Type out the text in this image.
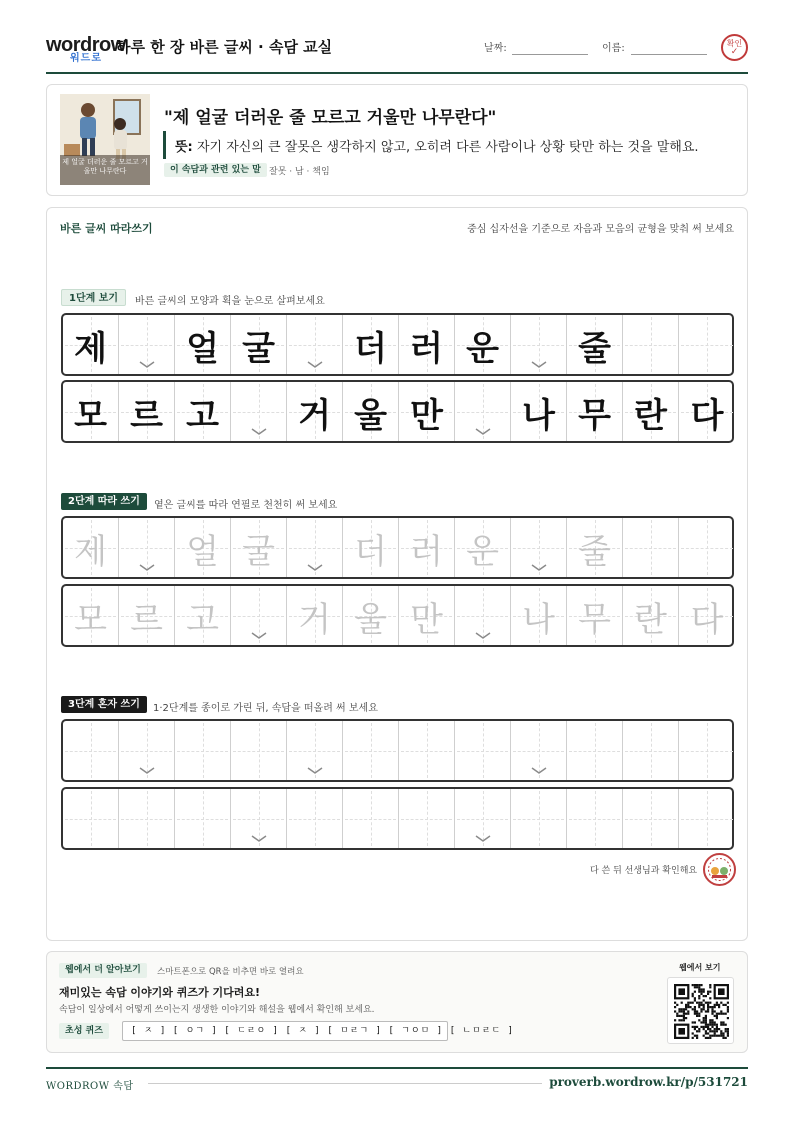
wordrow
워드로
하루 한 장 바른 글씨 · 속담 교실	날짜:	이름:	확인
✓
제 얼굴 더러운 줄 모르고 거울만 나무란다
"제 얼굴 더러운 줄 모르고 거울만 나무란다"
뜻: 자기 자신의 큰 잘못은 생각하지 않고, 오히려 다른 사람이나 상황 탓만 하는 것을 말해요.
이 속담과 관련 있는 말 잘못 · 남 · 책임
바른 글씨 따라쓰기	중심 십자선을 기준으로 자음과 모음의 균형을 맞춰 써 보세요
1단계 보기	바른 글씨의 모양과 획을 눈으로 살펴보세요
제	얼 굴	더 러 운	줄
모 르 고	거 울 만	나 무 란 다
2단계 따라 쓰기	옅은 글씨를 따라 연필로 천천히 써 보세요
제	얼 굴	더 러 운	줄
모 르 고	거 울 만	나 무 란 다
3단계 혼자 쓰기	1·2단계를 종이로 가린 뒤, 속담을 떠올려 써 보세요
다 쓴 뒤 선생님과 확인해요
웹에서 더 알아보기	스마트폰으로 QR을 비추면 바로 열려요
재미있는 속담 이야기와 퀴즈가 기다려요!
속담이 일상에서 어떻게 쓰이는지 생생한 이야기와 해설을 웹에서 확인해 보세요.
초성 퀴즈	[ ㅈ ] [ ㅇㄱ ] [ ㄷㄹㅇ ] [ ㅈ ] [ ㅁㄹㄱ ] [ ㄱㅇㅁ ] [ ㄴㅁㄹㄷ ]
웹에서 보기
WORDROW 속담	proverb.wordrow.kr/p/531721
